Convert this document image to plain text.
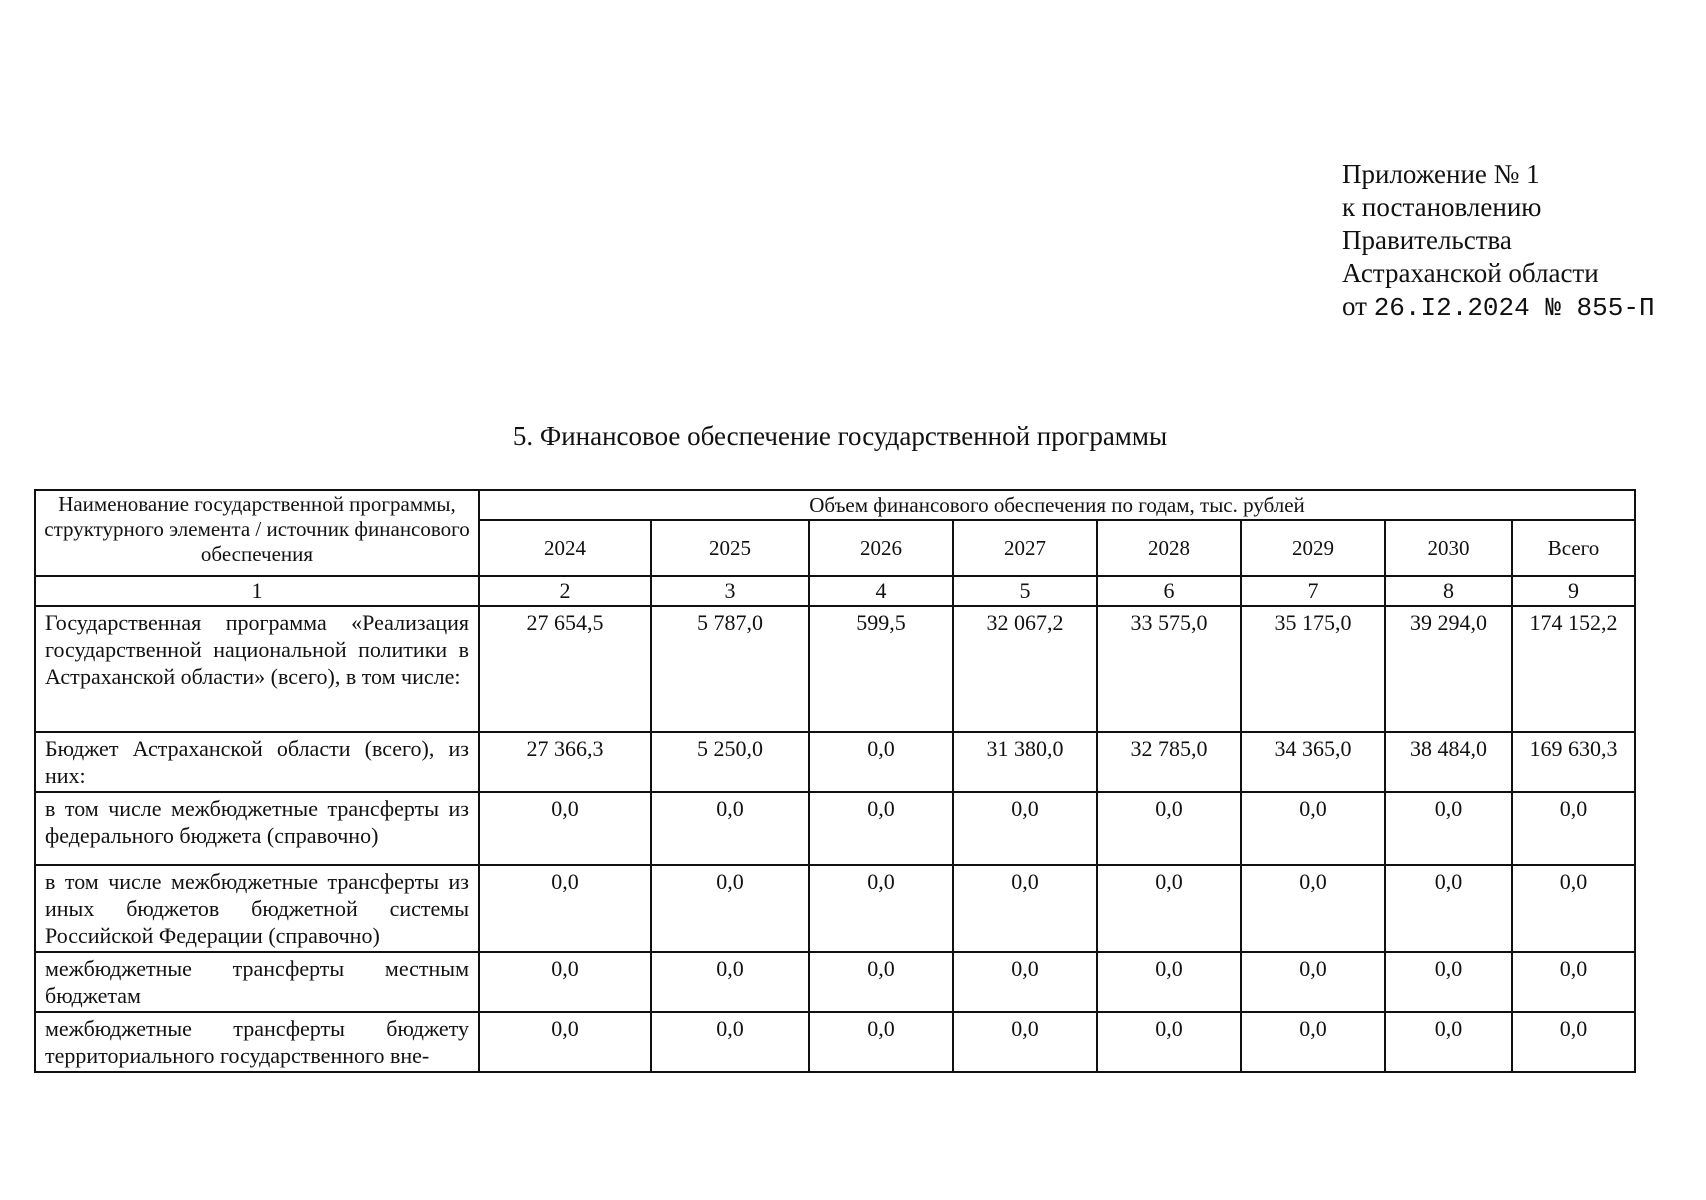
Приложение № 1
к постановлению
Правительства
Астраханской области
от 26.I2.2024 № 855-П
5. Финансовое обеспечение государственной программы
Наименование государственной программы, структурного элемента / источник финансового обеспечения	Объем финансового обеспечения по годам, тыс. рублей							
	2024	2025	2026	2027	2028	2029	2030	Всего
1	2	3	4	5	6	7	8	9
Государственная программа «Реализация государственной национальной политики в Астраханской области» (всего), в том числе:	27 654,5	5 787,0	599,5	32 067,2	33 575,0	35 175,0	39 294,0	174 152,2
Бюджет Астраханской области (всего), из них:	27 366,3	5 250,0	0,0	31 380,0	32 785,0	34 365,0	38 484,0	169 630,3
в том числе межбюджетные трансферты из федерального бюджета (справочно)	0,0	0,0	0,0	0,0	0,0	0,0	0,0	0,0
в том числе межбюджетные трансферты из иных бюджетов бюджетной системы Российской Федерации (справочно)	0,0	0,0	0,0	0,0	0,0	0,0	0,0	0,0
межбюджетные трансферты местным бюджетам	0,0	0,0	0,0	0,0	0,0	0,0	0,0	0,0
межбюджетные трансферты бюджету территориального государственного вне-	0,0	0,0	0,0	0,0	0,0	0,0	0,0	0,0
